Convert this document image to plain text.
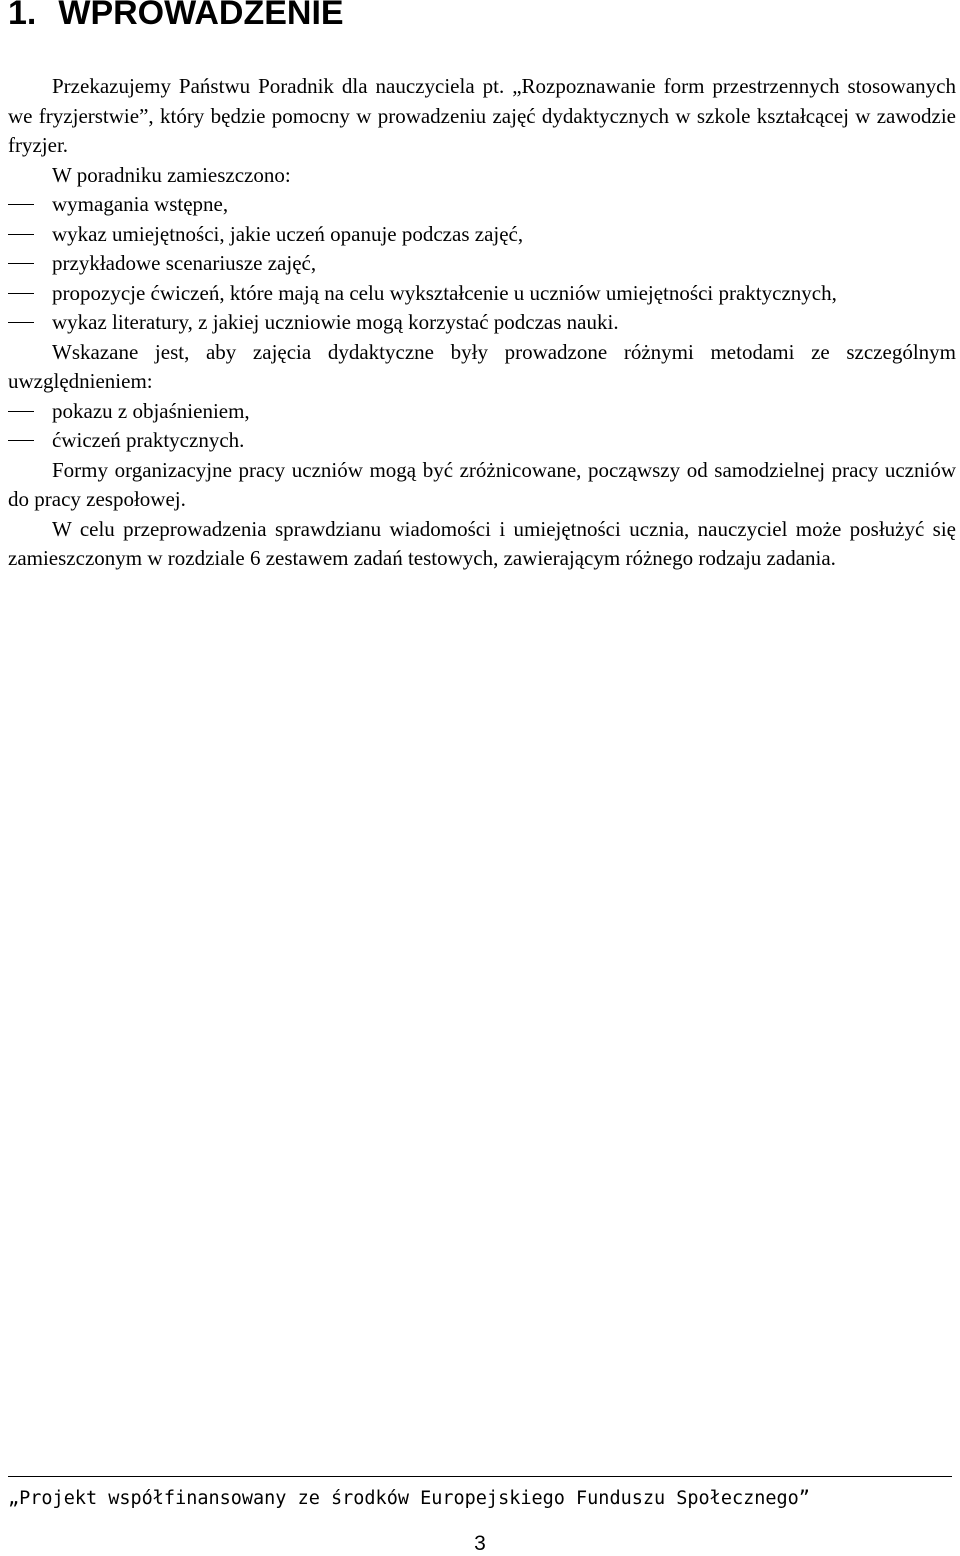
1. WPROWADZENIE

Przekazujemy Państwu Poradnik dla nauczyciela pt. „Rozpoznawanie form przestrzennych stosowanych we fryzjerstwie”, który będzie pomocny w prowadzeniu zajęć dydaktycznych w szkole kształcącej w zawodzie fryzjer.

W poradniku zamieszczono:

wymagania wstępne,
wykaz umiejętności, jakie uczeń opanuje podczas zajęć,
przykładowe scenariusze zajęć,
propozycje ćwiczeń, które mają na celu wykształcenie u uczniów umiejętności praktycznych,
wykaz literatury, z jakiej uczniowie mogą korzystać podczas nauki.

Wskazane jest, aby zajęcia dydaktyczne były prowadzone różnymi metodami ze szczególnym uwzględnieniem:

pokazu z objaśnieniem,
ćwiczeń praktycznych.

Formy organizacyjne pracy uczniów mogą być zróżnicowane, począwszy od samodzielnej pracy uczniów do pracy zespołowej.

W celu przeprowadzenia sprawdzianu wiadomości i umiejętności ucznia, nauczyciel może posłużyć się zamieszczonym w rozdziale 6 zestawem zadań testowych, zawierającym różnego rodzaju zadania.

„Projekt współfinansowany ze środków Europejskiego Funduszu Społecznego”
3
